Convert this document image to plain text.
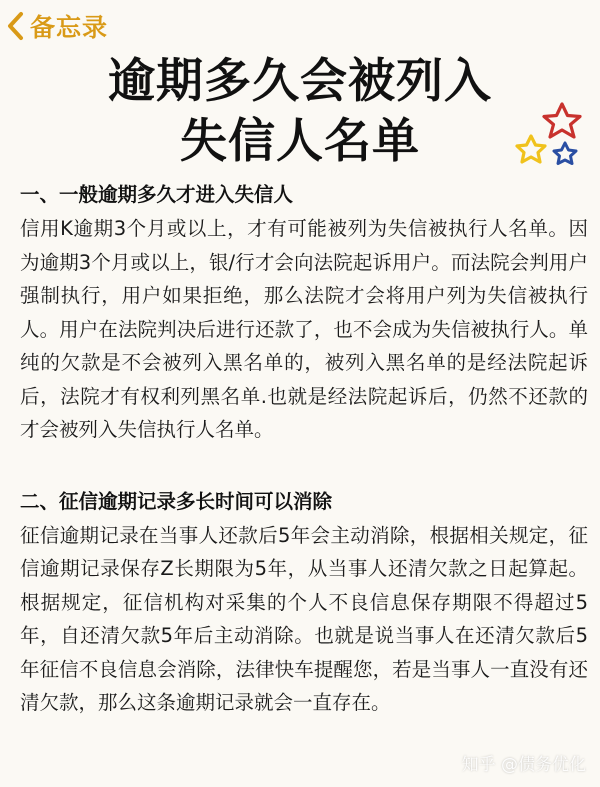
备忘录
逾期多久会被列入
失信人名单

一、一般逾期多久才进入失信人

信用K逾期3个月或以上，才有可能被列为失信被执行人名单。因为逾期3个月或以上，银/行才会向法院起诉用户。而法院会判用户强制执行，用户如果拒绝，那么法院才会将用户列为失信被执行人。用户在法院判决后进行还款了，也不会成为失信被执行人。单纯的欠款是不会被列入黑名单的，被列入黑名单的是经法院起诉后，法院才有权利列黑名单.也就是经法院起诉后，仍然不还款的才会被列入失信执行人名单。

二、征信逾期记录多长时间可以消除

征信逾期记录在当事人还款后5年会主动消除，根据相关规定，征信逾期记录保存Z长期限为5年，从当事人还清欠款之日起算起。根据规定，征信机构对采集的个人不良信息保存期限不得超过5年，自还清欠款5年后主动消除。也就是说当事人在还清欠款后5年征信不良信息会消除，法律快车提醒您，若是当事人一直没有还清欠款，那么这条逾期记录就会一直存在。

知乎 @债务优化
